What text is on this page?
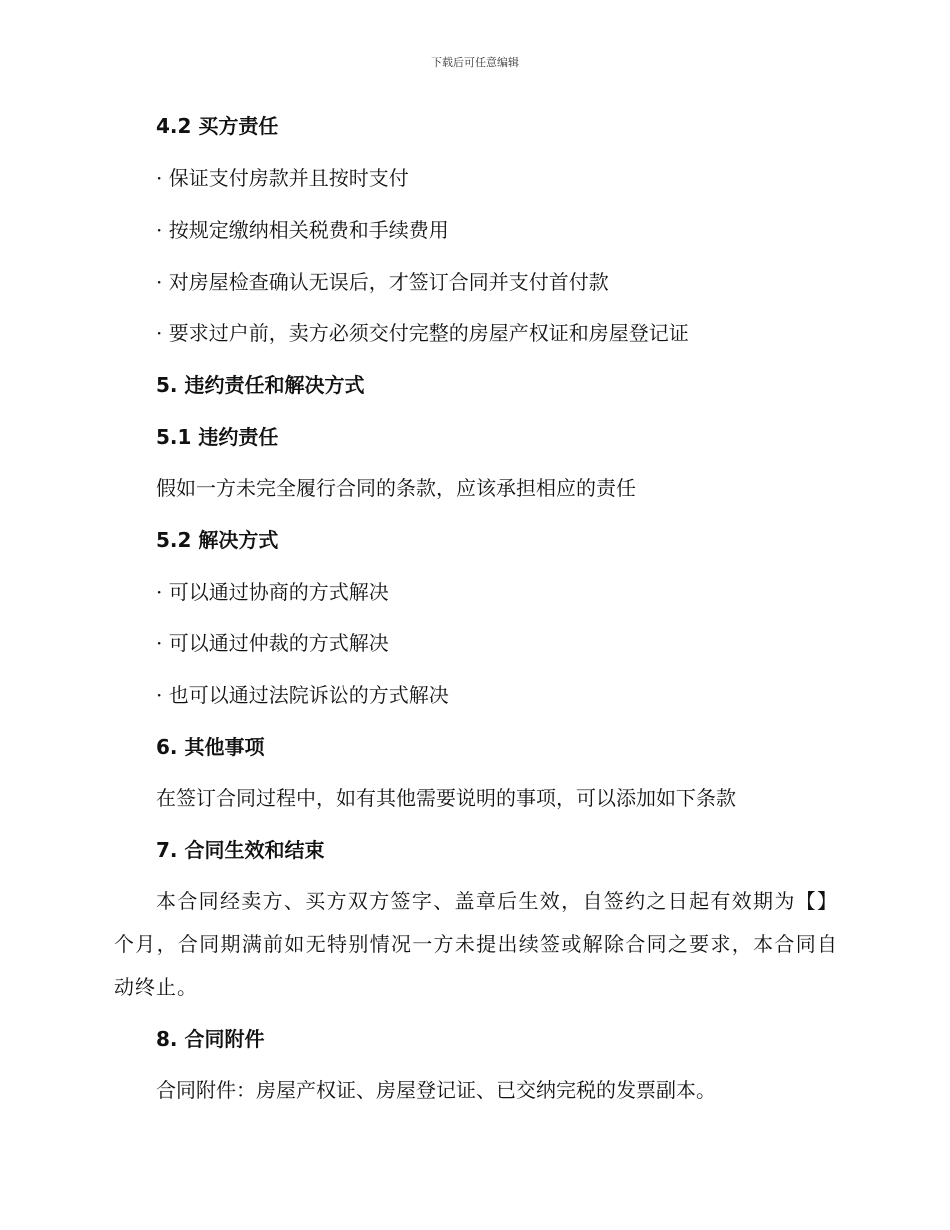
下载后可任意编辑
4.2 买方责任
· 保证支付房款并且按时支付
· 按规定缴纳相关税费和手续费用
· 对房屋检查确认无误后，才签订合同并支付首付款
· 要求过户前，卖方必须交付完整的房屋产权证和房屋登记证
5. 违约责任和解决方式
5.1 违约责任
假如一方未完全履行合同的条款，应该承担相应的责任
5.2 解决方式
· 可以通过协商的方式解决
· 可以通过仲裁的方式解决
· 也可以通过法院诉讼的方式解决
6. 其他事项
在签订合同过程中，如有其他需要说明的事项，可以添加如下条款
7. 合同生效和结束
本合同经卖方、买方双方签字、盖章后生效，自签约之日起有效期为【】个月，合同期满前如无特别情况一方未提出续签或解除合同之要求，本合同自动终止。
8. 合同附件
合同附件：房屋产权证、房屋登记证、已交纳完税的发票副本。
